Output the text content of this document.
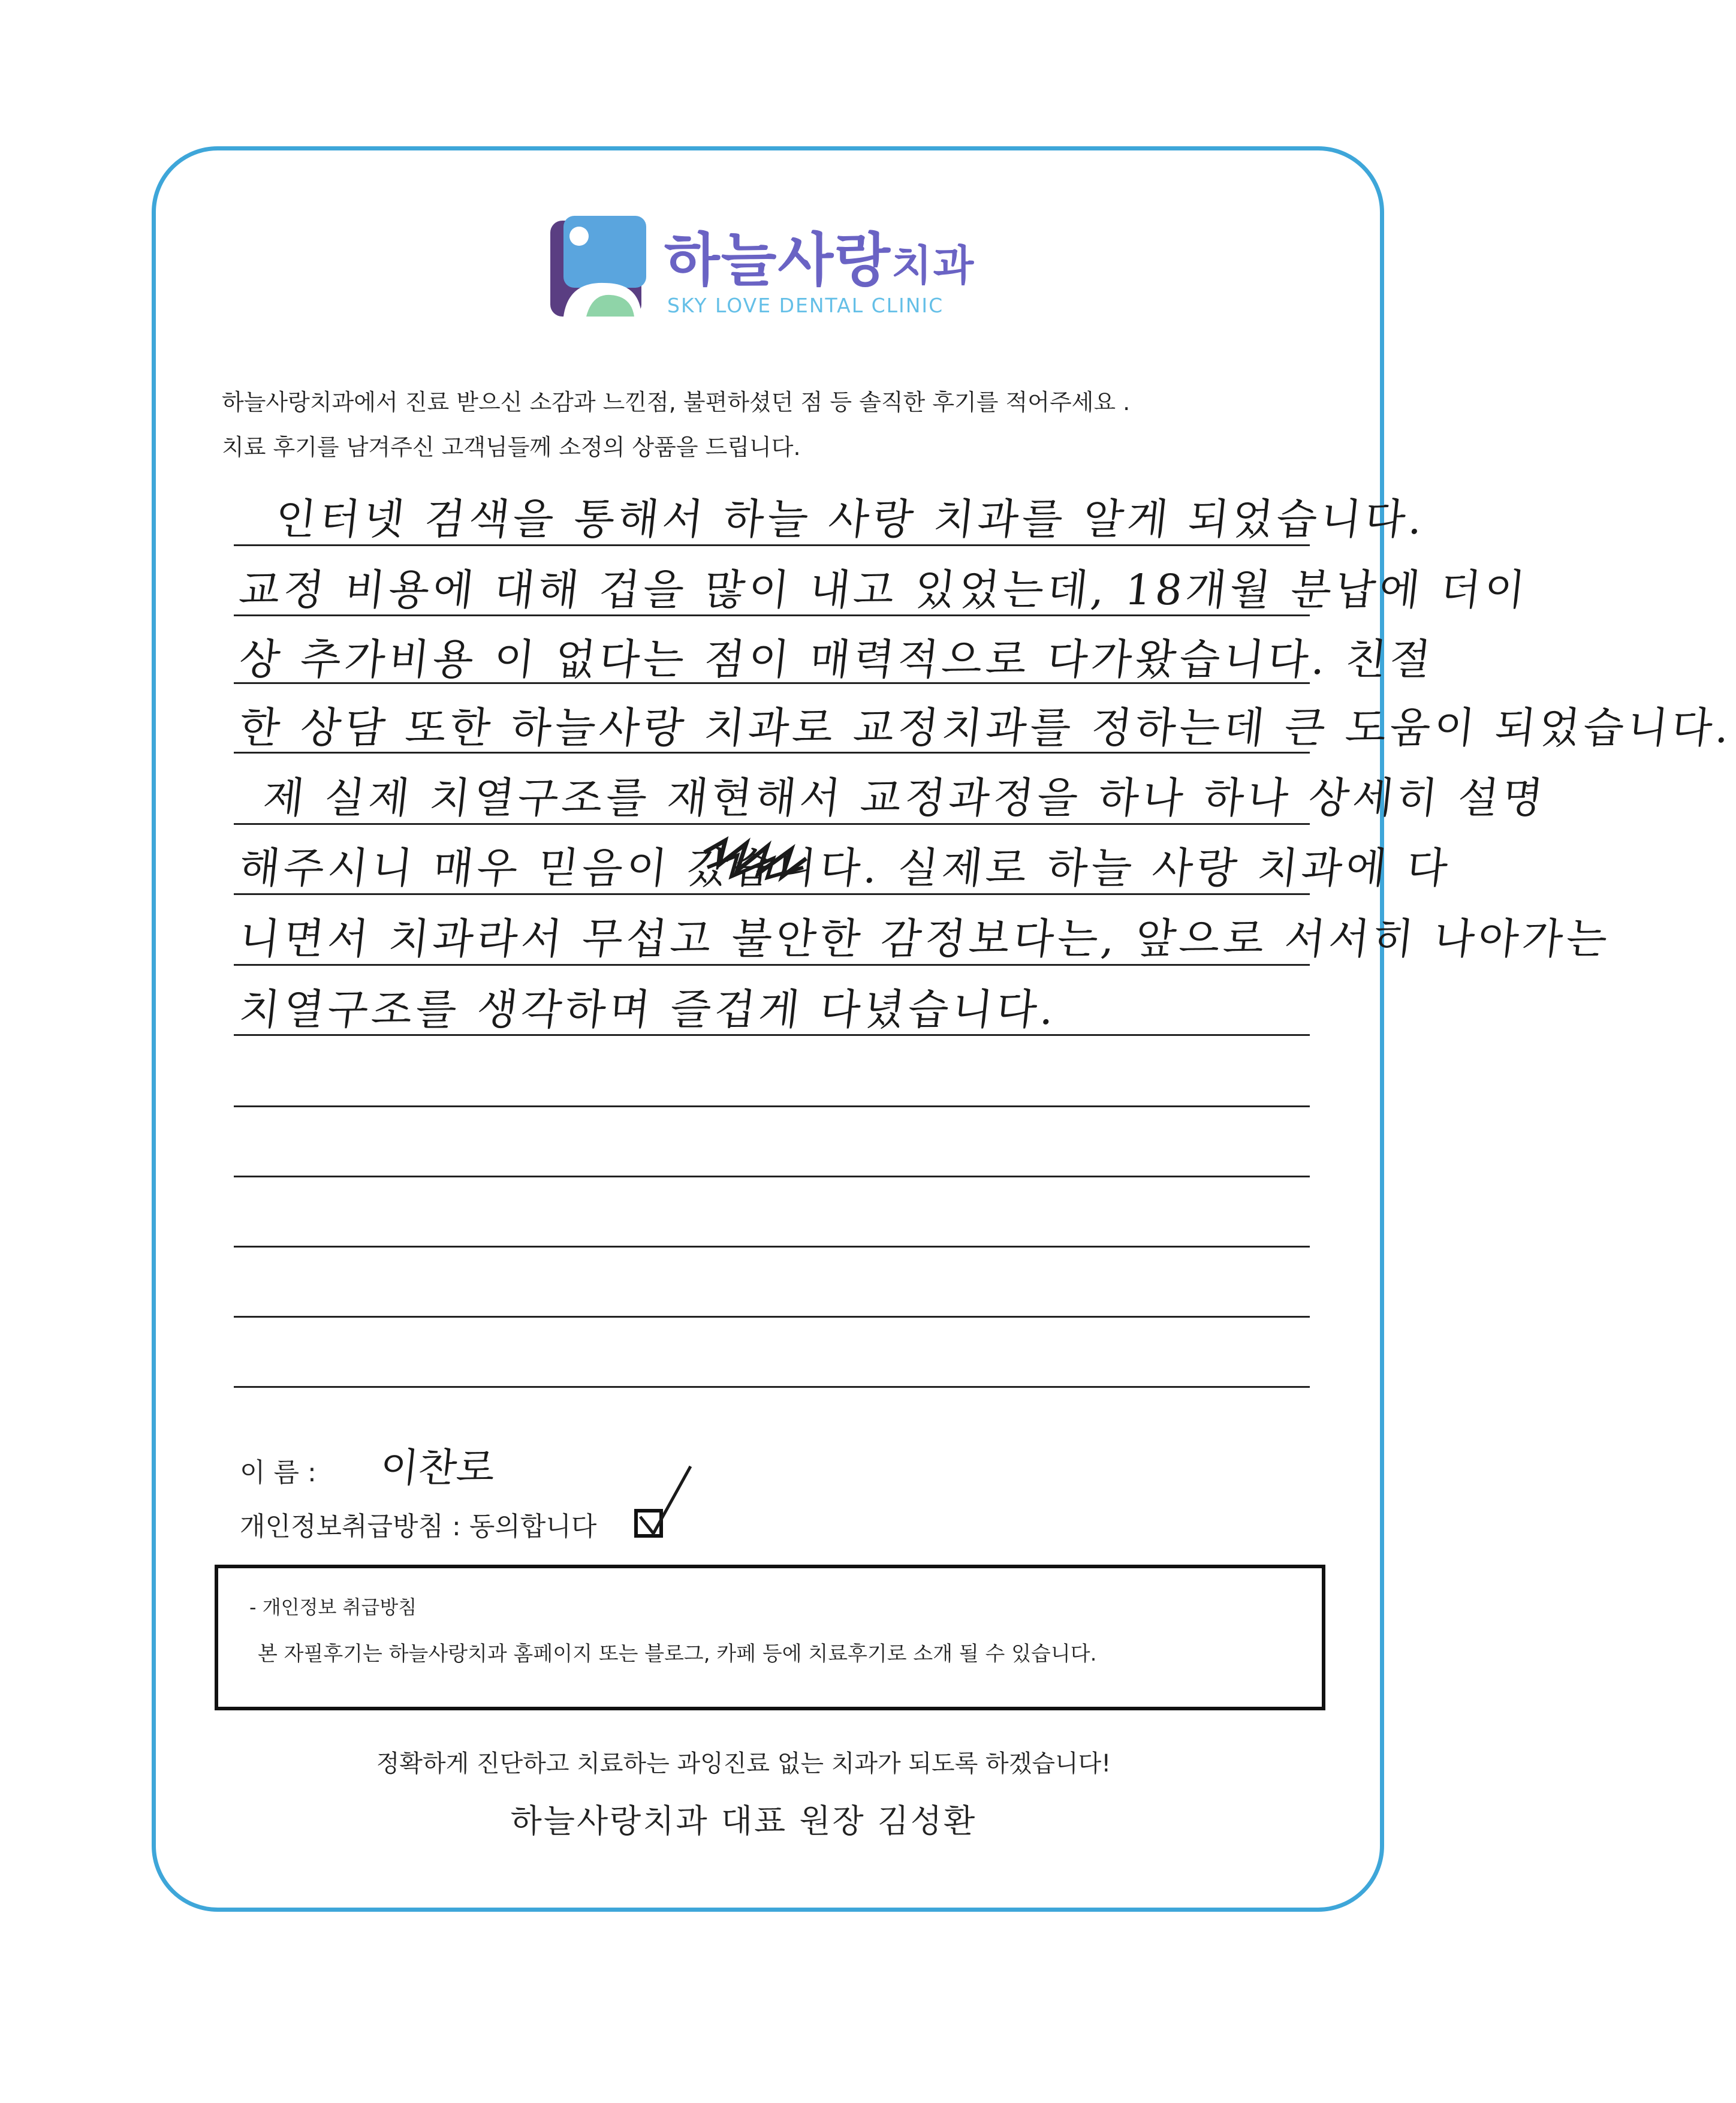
하늘사랑치과
SKY LOVE DENTAL CLINIC
하늘사랑치과에서 진료 받으신 소감과 느낀점, 불편하셨던 점 등 솔직한 후기를 적어주세요 .
치료 후기를 남겨주신 고객님들께 소정의 상품을 드립니다.
인터넷 검색을 통해서 하늘 사랑 치과를 알게 되었습니다.
교정 비용에 대해 겁을 많이 내고 있었는데, 18개월 분납에 더이
상 추가비용 이 없다는 점이 매력적으로 다가왔습니다. 친절
한 상담 또한 하늘사랑 치과로 교정치과를 정하는데 큰 도움이 되었습니다.
제 실제 치열구조를 재현해서 교정과정을 하나 하나 상세히 설명
해주시니 매우 믿음이 갔습니다. 실제로 하늘 사랑 치과에 다
니면서 치과라서 무섭고 불안한 감정보다는, 앞으로 서서히 나아가는
치열구조를 생각하며 즐겁게 다녔습니다.
이 름 : 이찬로
개인정보취급방침 : 동의합니다
- 개인정보 취급방침
본 자필후기는 하늘사랑치과 홈페이지 또는 블로그, 카페 등에 치료후기로 소개 될 수 있습니다.
정확하게 진단하고 치료하는 과잉진료 없는 치과가 되도록 하겠습니다!
하늘사랑치과 대표 원장 김성환
